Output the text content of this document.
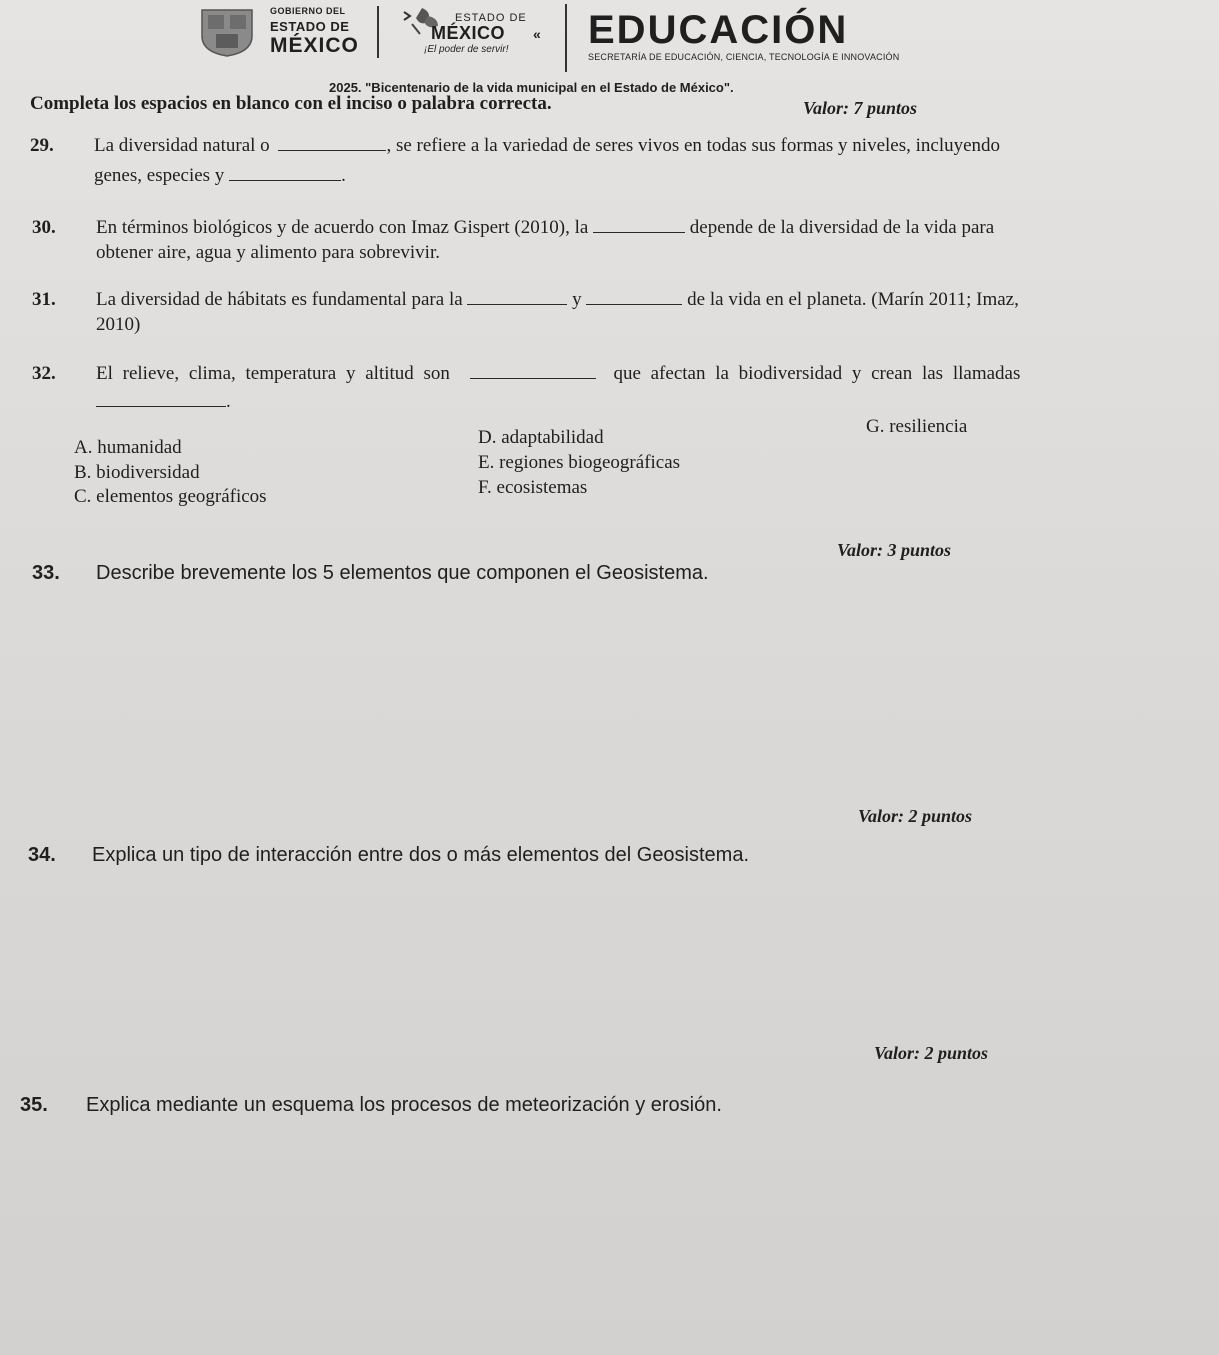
GOBIERNO DEL
ESTADO DE
MÉXICO
ESTADO DE
MÉXICO «
¡El poder de servir! EDUCACIÓN
SECRETARÍA DE EDUCACIÓN, CIENCIA, TECNOLOGÍA E INNOVACIÓN
2025. "Bicentenario de la vida municipal en el Estado de México".
Completa los espacios en blanco con el inciso o palabra correcta.	Valor: 7 puntos
29. La diversidad natural o	, se refiere a la variedad de seres vivos en todas sus formas y niveles, incluyendo
genes, especies y	.
30. En términos biológicos y de acuerdo con Imaz Gispert (2010), la	depende de la diversidad de la vida para
obtener aire, agua y alimento para sobrevivir.
31. La diversidad de hábitats es fundamental para la	y	de la vida en el planeta. (Marín 2011; Imaz,
2010)
32. El relieve, clima, temperatura y altitud son	que afectan la biodiversidad y crean las llamadas
.
A. humanidad
B. biodiversidad
C. elementos geográficos
D. adaptabilidad
E. regiones biogeográficas
F. ecosistemas
G. resiliencia
33. Describe brevemente los 5 elementos que componen el Geosistema.
Valor: 3 puntos
34. Explica un tipo de interacción entre dos o más elementos del Geosistema.
Valor: 2 puntos
35. Explica mediante un esquema los procesos de meteorización y erosión.
Valor: 2 puntos
